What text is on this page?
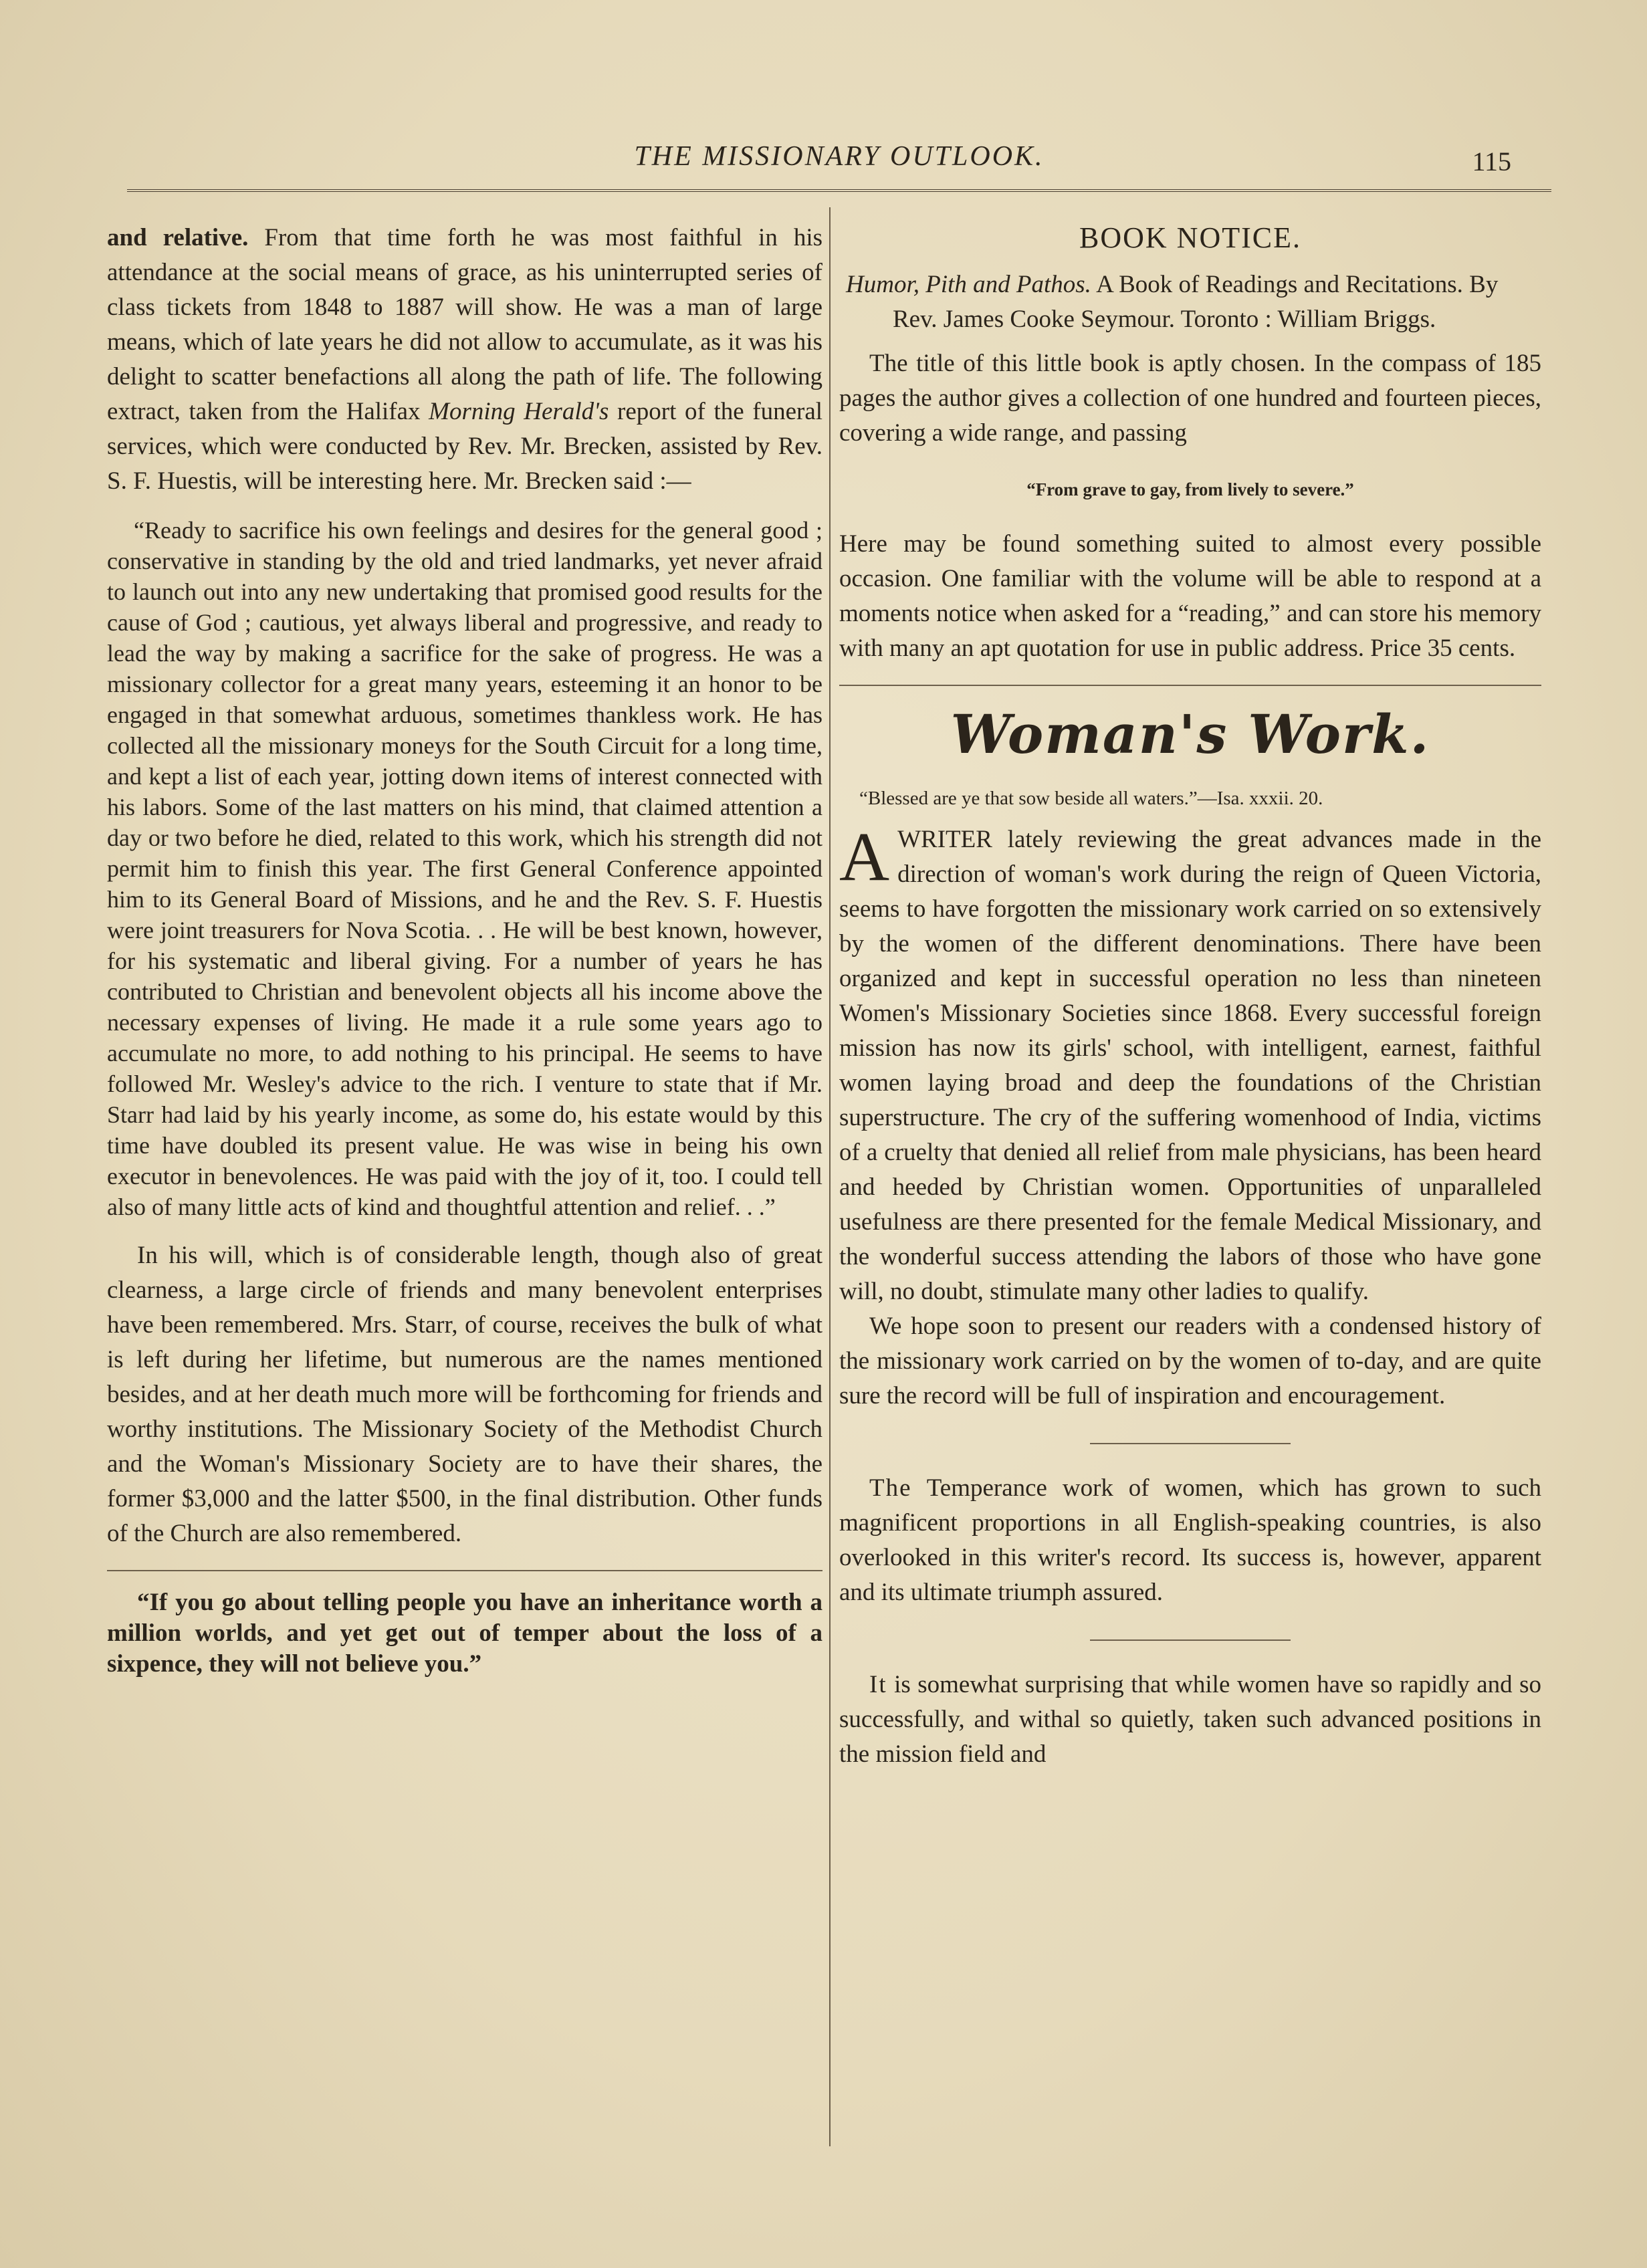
THE MISSIONARY OUTLOOK.	115

and relative. From that time forth he was most faithful in his attendance at the social means of grace, as his uninterrupted series of class tickets from 1848 to 1887 will show. He was a man of large means, which of late years he did not allow to accumulate, as it was his delight to scatter benefactions all along the path of life. The following extract, taken from the Halifax Morning Herald's report of the funeral services, which were conducted by Rev. Mr. Brecken, assisted by Rev. S. F. Huestis, will be interesting here. Mr. Brecken said :—

“Ready to sacrifice his own feelings and desires for the general good ; conservative in standing by the old and tried landmarks, yet never afraid to launch out into any new undertaking that promised good results for the cause of God ; cautious, yet always liberal and progressive, and ready to lead the way by making a sacrifice for the sake of progress. He was a missionary collector for a great many years, esteeming it an honor to be engaged in that somewhat arduous, sometimes thankless work. He has collected all the missionary moneys for the South Circuit for a long time, and kept a list of each year, jotting down items of interest connected with his labors. Some of the last matters on his mind, that claimed attention a day or two before he died, related to this work, which his strength did not permit him to finish this year. The first General Conference appointed him to its General Board of Missions, and he and the Rev. S. F. Huestis were joint treasurers for Nova Scotia. . . He will be best known, however, for his systematic and liberal giving. For a number of years he has contributed to Christian and benevolent objects all his income above the necessary expenses of living. He made it a rule some years ago to accumulate no more, to add nothing to his principal. He seems to have followed Mr. Wesley's advice to the rich. I venture to state that if Mr. Starr had laid by his yearly income, as some do, his estate would by this time have doubled its present value. He was wise in being his own executor in benevolences. He was paid with the joy of it, too. I could tell also of many little acts of kind and thoughtful attention and relief. . .”

In his will, which is of considerable length, though also of great clearness, a large circle of friends and many benevolent enterprises have been remembered. Mrs. Starr, of course, receives the bulk of what is left during her lifetime, but numerous are the names mentioned besides, and at her death much more will be forthcoming for friends and worthy institutions. The Missionary Society of the Methodist Church and the Woman's Missionary Society are to have their shares, the former $3,000 and the latter $500, in the final distribution. Other funds of the Church are also remembered.

“If you go about telling people you have an inheritance worth a million worlds, and yet get out of temper about the loss of a sixpence, they will not believe you.”

BOOK NOTICE.

Humor, Pith and Pathos. A Book of Readings and Recitations. By Rev. James Cooke Seymour. Toronto : William Briggs.

The title of this little book is aptly chosen. In the compass of 185 pages the author gives a collection of one hundred and fourteen pieces, covering a wide range, and passing

“From grave to gay, from lively to severe.”

Here may be found something suited to almost every possible occasion. One familiar with the volume will be able to respond at a moments notice when asked for a “reading,” and can store his memory with many an apt quotation for use in public address. Price 35 cents.

Woman's Work.
“Blessed are ye that sow beside all waters.”—Isa. xxxii. 20.

AWRITER lately reviewing the great advances made in the direction of woman's work during the reign of Queen Victoria, seems to have forgotten the missionary work carried on so extensively by the women of the different denominations. There have been organized and kept in successful operation no less than nineteen Women's Missionary Societies since 1868. Every successful foreign mission has now its girls' school, with intelligent, earnest, faithful women laying broad and deep the foundations of the Christian superstructure. The cry of the suffering womenhood of India, victims of a cruelty that denied all relief from male physicians, has been heard and heeded by Christian women. Opportunities of unparalleled usefulness are there presented for the female Medical Missionary, and the wonderful success attending the labors of those who have gone will, no doubt, stimulate many other ladies to qualify.

We hope soon to present our readers with a condensed history of the missionary work carried on by the women of to-day, and are quite sure the record will be full of inspiration and encouragement.

The Temperance work of women, which has grown to such magnificent proportions in all English-speaking countries, is also overlooked in this writer's record. Its success is, however, apparent and its ultimate triumph assured.

It is somewhat surprising that while women have so rapidly and so successfully, and withal so quietly, taken such advanced positions in the mission field and
